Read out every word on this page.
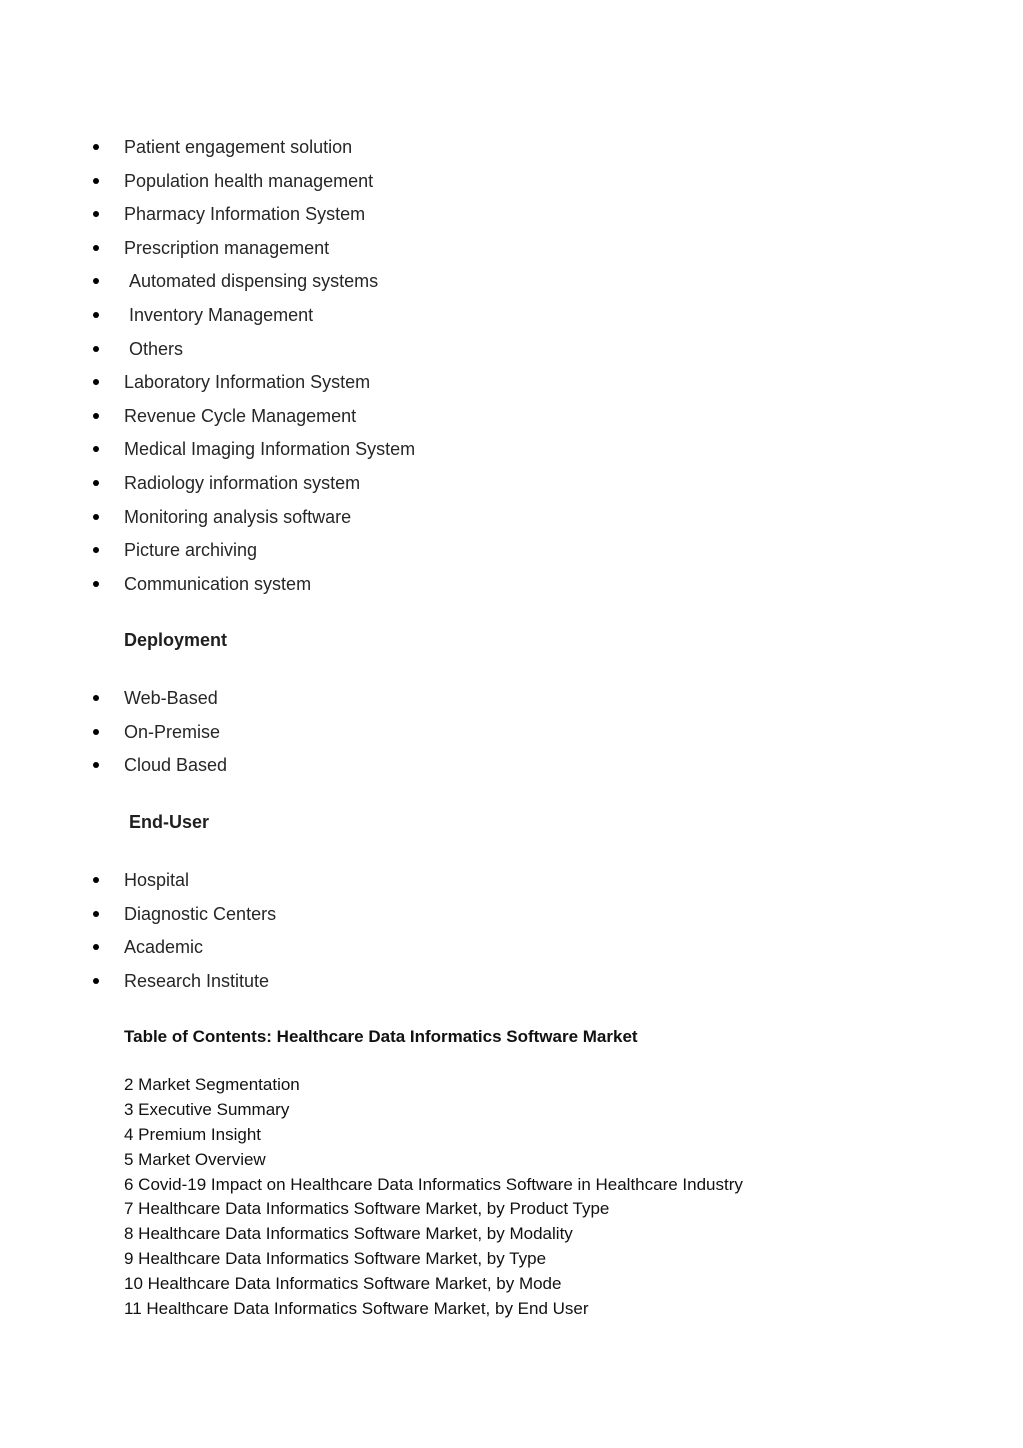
Patient engagement solution
Population health management
Pharmacy Information System
Prescription management
Automated dispensing systems
Inventory Management
Others
Laboratory Information System
Revenue Cycle Management
Medical Imaging Information System
Radiology information system
Monitoring analysis software
Picture archiving
Communication system
Deployment
Web-Based
On-Premise
Cloud Based
End-User
Hospital
Diagnostic Centers
Academic
Research Institute
Table of Contents: Healthcare Data Informatics Software Market
2 Market Segmentation
3 Executive Summary
4 Premium Insight
5 Market Overview
6 Covid-19 Impact on Healthcare Data Informatics Software in Healthcare Industry
7 Healthcare Data Informatics Software Market, by Product Type
8 Healthcare Data Informatics Software Market, by Modality
9 Healthcare Data Informatics Software Market, by Type
10 Healthcare Data Informatics Software Market, by Mode
11 Healthcare Data Informatics Software Market, by End User
